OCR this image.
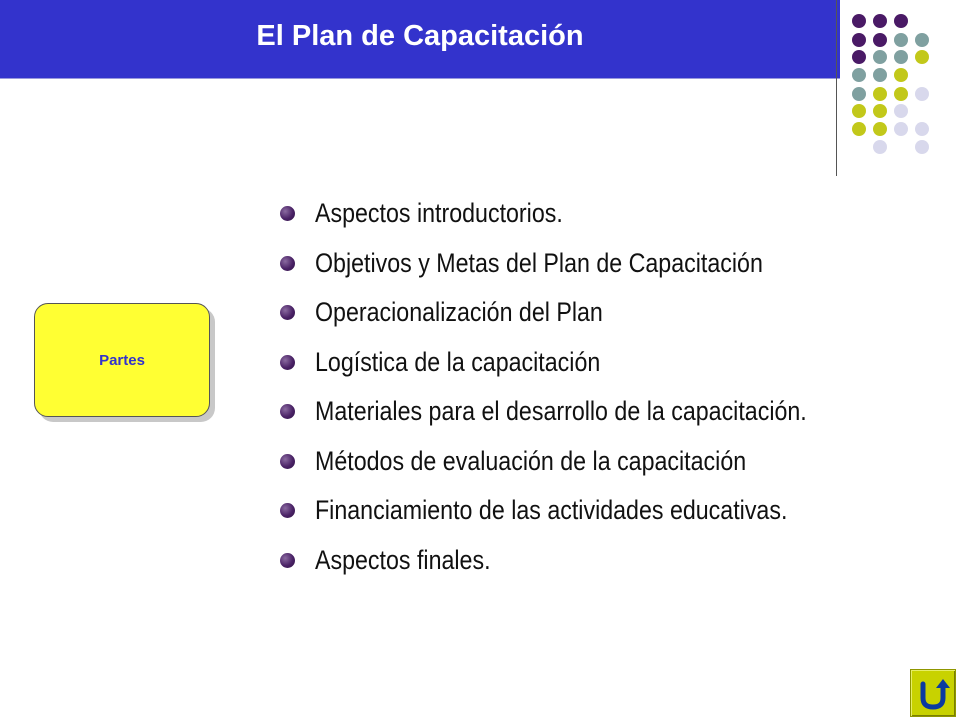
El Plan de Capacitación
Partes
Aspectos introductorios.
Objetivos y Metas del Plan de Capacitación
Operacionalización del Plan
Logística de la capacitación
Materiales para el desarrollo de la capacitación.
Métodos de evaluación de la capacitación
Financiamiento de las actividades educativas.
Aspectos finales.
